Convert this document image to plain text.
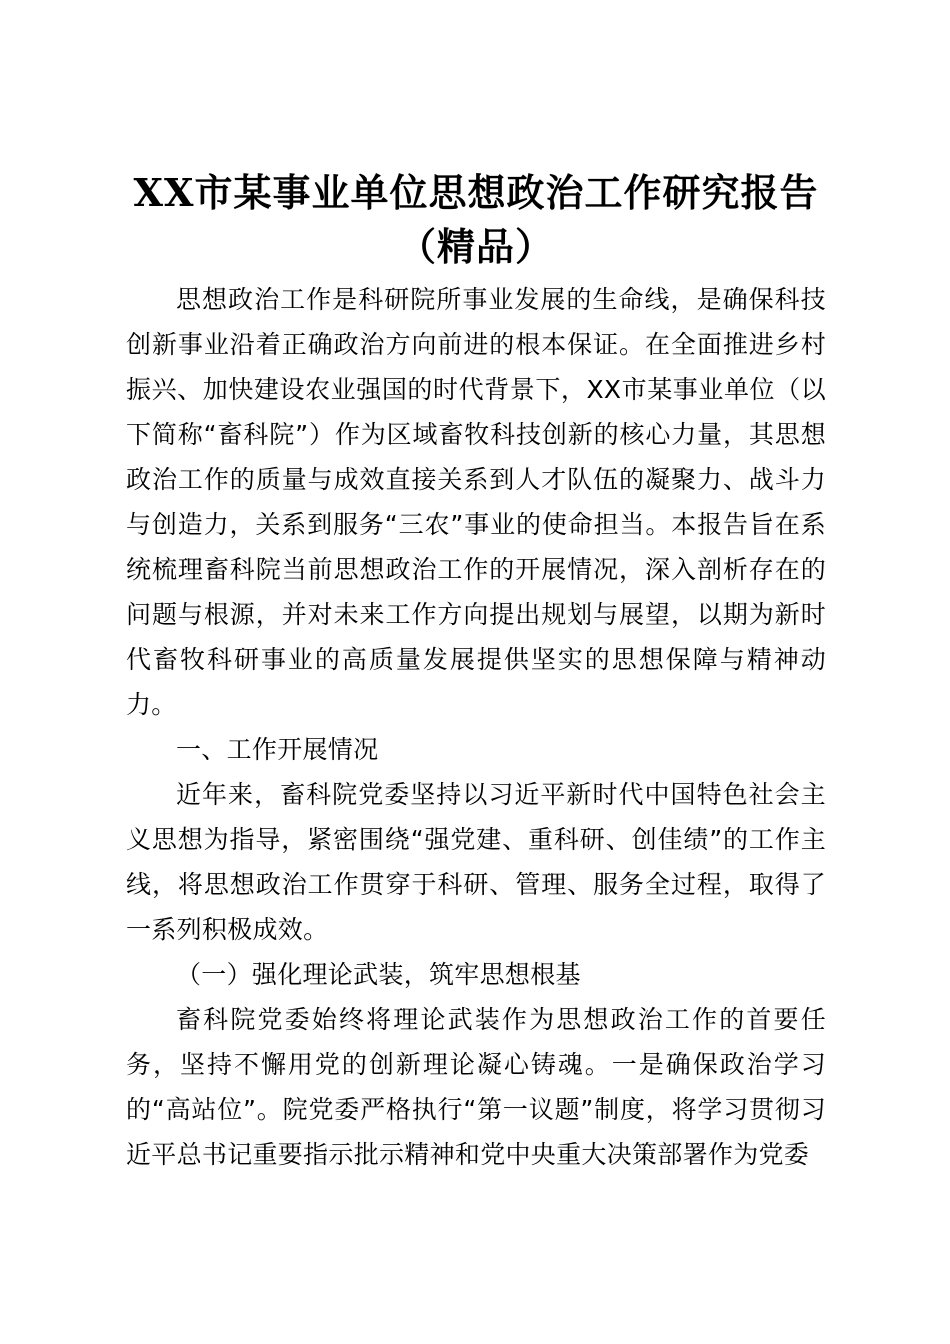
XX市某事业单位思想政治工作研究报告（精品）

思想政治工作是科研院所事业发展的生命线，是确保科技创新事业沿着正确政治方向前进的根本保证。在全面推进乡村振兴、加快建设农业强国的时代背景下，XX市某事业单位（以下简称“畜科院”）作为区域畜牧科技创新的核心力量，其思想政治工作的质量与成效直接关系到人才队伍的凝聚力、战斗力与创造力，关系到服务“三农”事业的使命担当。本报告旨在系统梳理畜科院当前思想政治工作的开展情况，深入剖析存在的问题与根源，并对未来工作方向提出规划与展望，以期为新时代畜牧科研事业的高质量发展提供坚实的思想保障与精神动力。

一、工作开展情况

近年来，畜科院党委坚持以习近平新时代中国特色社会主义思想为指导，紧密围绕“强党建、重科研、创佳绩”的工作主线，将思想政治工作贯穿于科研、管理、服务全过程，取得了一系列积极成效。

（一）强化理论武装，筑牢思想根基

畜科院党委始终将理论武装作为思想政治工作的首要任务，坚持不懈用党的创新理论凝心铸魂。一是确保政治学习的“高站位”。院党委严格执行“第一议题”制度，将学习贯彻习近平总书记重要指示批示精神和党中央重大决策部署作为党委
